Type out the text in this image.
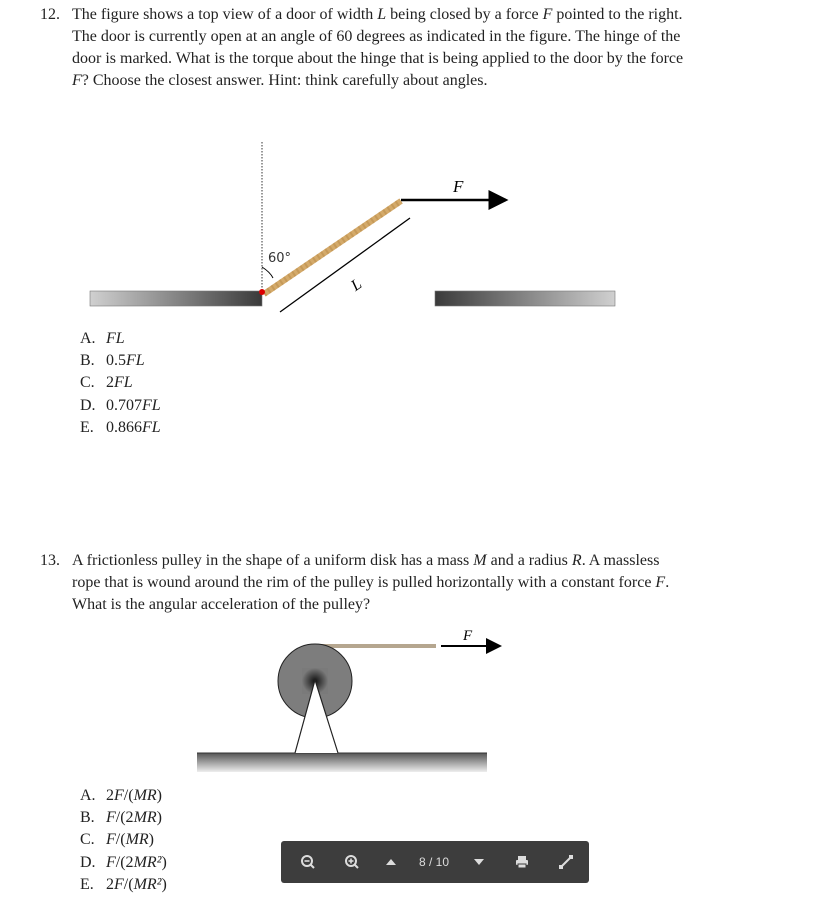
12. The figure shows a top view of a door of width L being closed by a force F pointed to the right.
The door is currently open at an angle of 60 degrees as indicated in the figure. The hinge of the
door is marked. What is the torque about the hinge that is being applied to the door by the force
F? Choose the closest answer. Hint: think carefully about angles.
F
L
60°
F
A. FL
B. 0.5FL
C. 2FL
D. 0.707FL
E. 0.866FL
13. A frictionless pulley in the shape of a uniform disk has a mass M and a radius R. A massless
rope that is wound around the rim of the pulley is pulled horizontally with a constant force F.
What is the angular acceleration of the pulley?
A. 2F/(MR)
B. F/(2MR)
C. F/(MR)
D. F/(2MR²)
E. 2F/(MR²)
8 / 10
